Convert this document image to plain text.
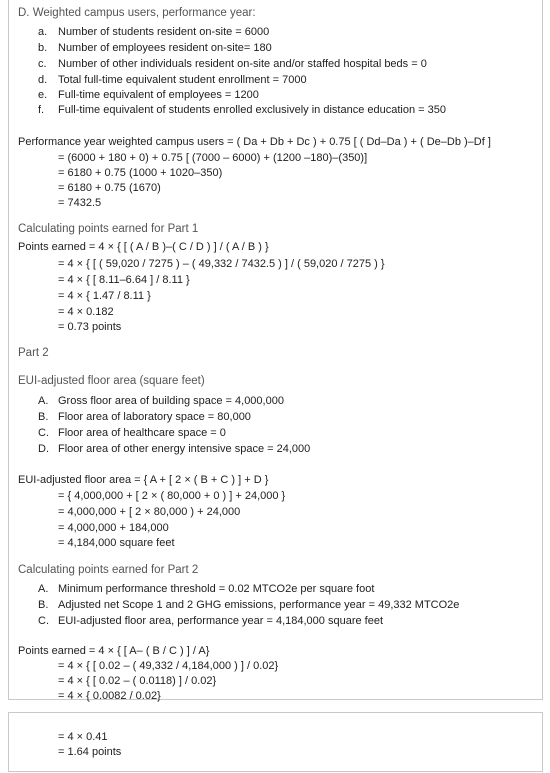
D. Weighted campus users, performance year:
a. Number of students resident on-site = 6000
b. Number of employees resident on-site= 180
c. Number of other individuals resident on-site and/or staffed hospital beds = 0
d. Total full-time equivalent student enrollment = 7000
e. Full-time equivalent of employees = 1200
f. Full-time equivalent of students enrolled exclusively in distance education = 350
Performance year weighted campus users = ( Da + Db + Dc ) + 0.75 [ ( Dd–Da ) + ( De–Db )–Df ]
= (6000 + 180 + 0) + 0.75 [ (7000 – 6000) + (1200 –180)–(350)]
= 6180 + 0.75 (1000 + 1020–350)
= 6180 + 0.75 (1670)
= 7432.5
Calculating points earned for Part 1
Points earned = 4 × { [ ( A / B )–( C / D ) ] / ( A / B ) }
= 4 × { [ ( 59,020 / 7275 ) – ( 49,332 / 7432.5 ) ] / ( 59,020 / 7275 ) }
= 4 × { [ 8.11–6.64 ] / 8.11 }
= 4 × { 1.47 / 8.11 }
= 4 × 0.182
= 0.73 points
Part 2
EUI-adjusted floor area (square feet)
A. Gross floor area of building space = 4,000,000
B. Floor area of laboratory space = 80,000
C. Floor area of healthcare space = 0
D. Floor area of other energy intensive space = 24,000
EUI-adjusted floor area = { A + [ 2 × ( B + C ) ] + D }
= { 4,000,000 + [ 2 × ( 80,000 + 0 ) ] + 24,000 }
= 4,000,000 + [ 2 × 80,000 ) + 24,000
= 4,000,000 + 184,000
= 4,184,000 square feet
Calculating points earned for Part 2
A. Minimum performance threshold = 0.02 MTCO2e per square foot
B. Adjusted net Scope 1 and 2 GHG emissions, performance year = 49,332 MTCO2e
C. EUI-adjusted floor area, performance year = 4,184,000 square feet
Points earned = 4 × { [ A– ( B / C ) ] / A}
= 4 × { [ 0.02 – ( 49,332 / 4,184,000 ) ] / 0.02}
= 4 × { [ 0.02 – ( 0.0118) ] / 0.02}
= 4 × { 0.0082 / 0.02}
= 4 × 0.41
= 1.64 points
